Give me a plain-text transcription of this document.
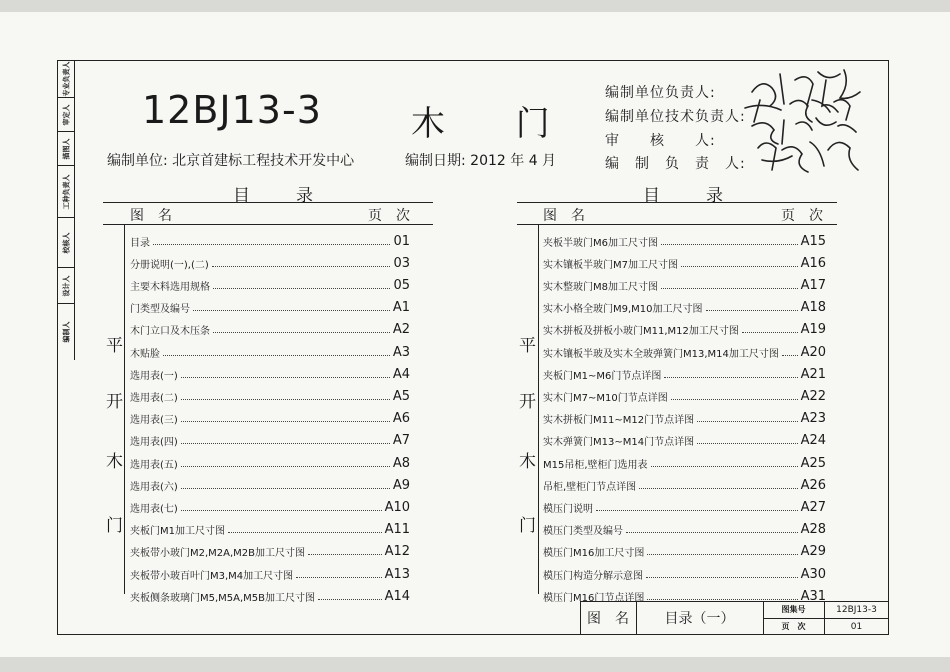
专业负责人
审定人
描图人
工种负责人
校核人
设计人
编制人
12BJ13-3	木 门
编制单位: 北京首建标工程技术开发中心	编制日期: 2012 年 4 月
编制单位负责人:
编制单位技术负责人:
审　　核　　人:
编　制　负　责　人:
目录
图　名	页　次
平
开
木
门
目录	01
分册说明(一),(二)	03
主要木料选用规格	05
门类型及编号	A1
木门立口及木压条	A2
木贴脸	A3
选用表(一)	A4
选用表(二)	A5
选用表(三)	A6
选用表(四)	A7
选用表(五)	A8
选用表(六)	A9
选用表(七)	A10
夹板门M1加工尺寸图	A11
夹板带小玻门M2,M2A,M2B加工尺寸图	A12
夹板带小玻百叶门M3,M4加工尺寸图	A13
夹板侧条玻璃门M5,M5A,M5B加工尺寸图	A14
目录
图　名	页　次
平
开
木
门
夹板半玻门M6加工尺寸图	A15
实木镶板半玻门M7加工尺寸图	A16
实木整玻门M8加工尺寸图	A17
实木小格全玻门M9,M10加工尺寸图	A18
实木拼板及拼板小玻门M11,M12加工尺寸图	A19
实木镶板半玻及实木全玻弹簧门M13,M14加工尺寸图 A20
夹板门M1~M6门节点详图	A21
实木门M7~M10门节点详图	A22
实木拼板门M11~M12门节点详图	A23
实木弹簧门M13~M14门节点详图	A24
M15吊柜,壁柜门选用表	A25
吊柜,壁柜门节点详图	A26
模压门说明	A27
模压门类型及编号	A28
模压门M16加工尺寸图	A29
模压门构造分解示意图	A30
模压门M16门节点详图	A31
图　名	目录（一）
图集号	12BJ13-3
页　次	01
